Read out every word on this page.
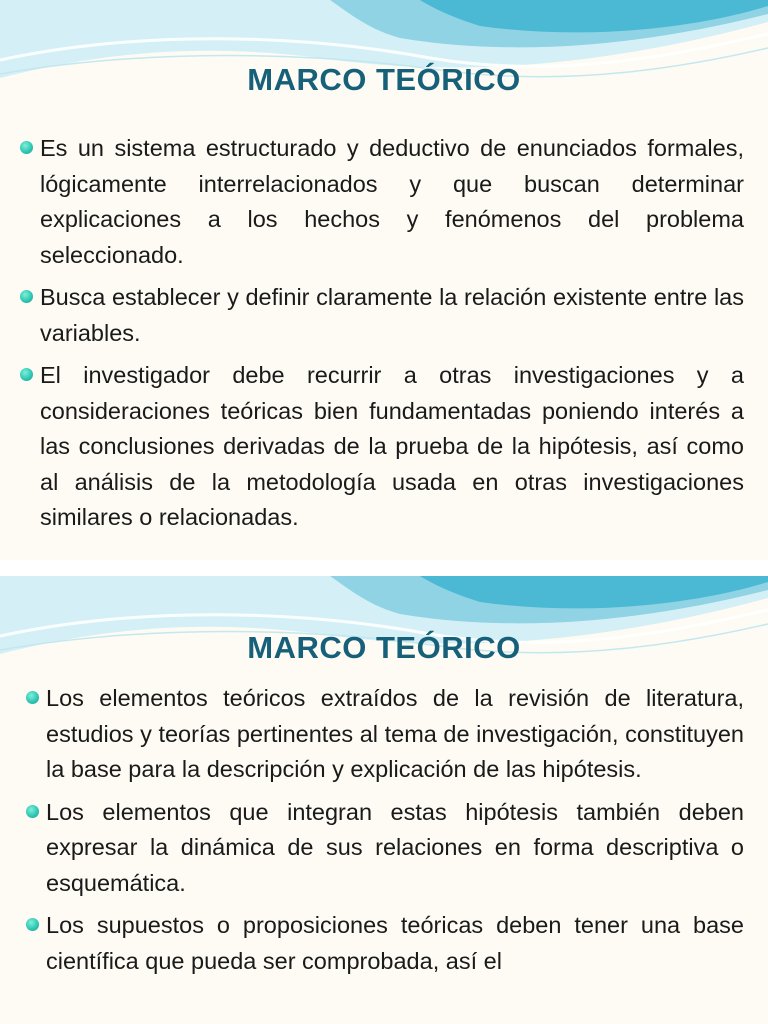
MARCO TEÓRICO
Es un sistema estructurado y deductivo de enunciados formales, lógicamente interrelacionados y que buscan determinar explicaciones a los hechos y fenómenos del problema seleccionado.
Busca establecer y definir claramente la relación existente entre las variables.
El investigador debe recurrir a otras investigaciones y a consideraciones teóricas bien fundamentadas poniendo interés a las conclusiones derivadas de la prueba de la hipótesis, así como al análisis de la metodología usada en otras investigaciones similares o relacionadas.
MARCO TEÓRICO
Los elementos teóricos extraídos de la revisión de literatura, estudios y teorías pertinentes al tema de investigación, constituyen la base para la descripción y explicación de las hipótesis.
Los elementos que integran estas hipótesis también deben expresar la dinámica de sus relaciones en forma descriptiva o esquemática.
Los supuestos o proposiciones teóricas deben tener una base científica que pueda ser comprobada, así el
